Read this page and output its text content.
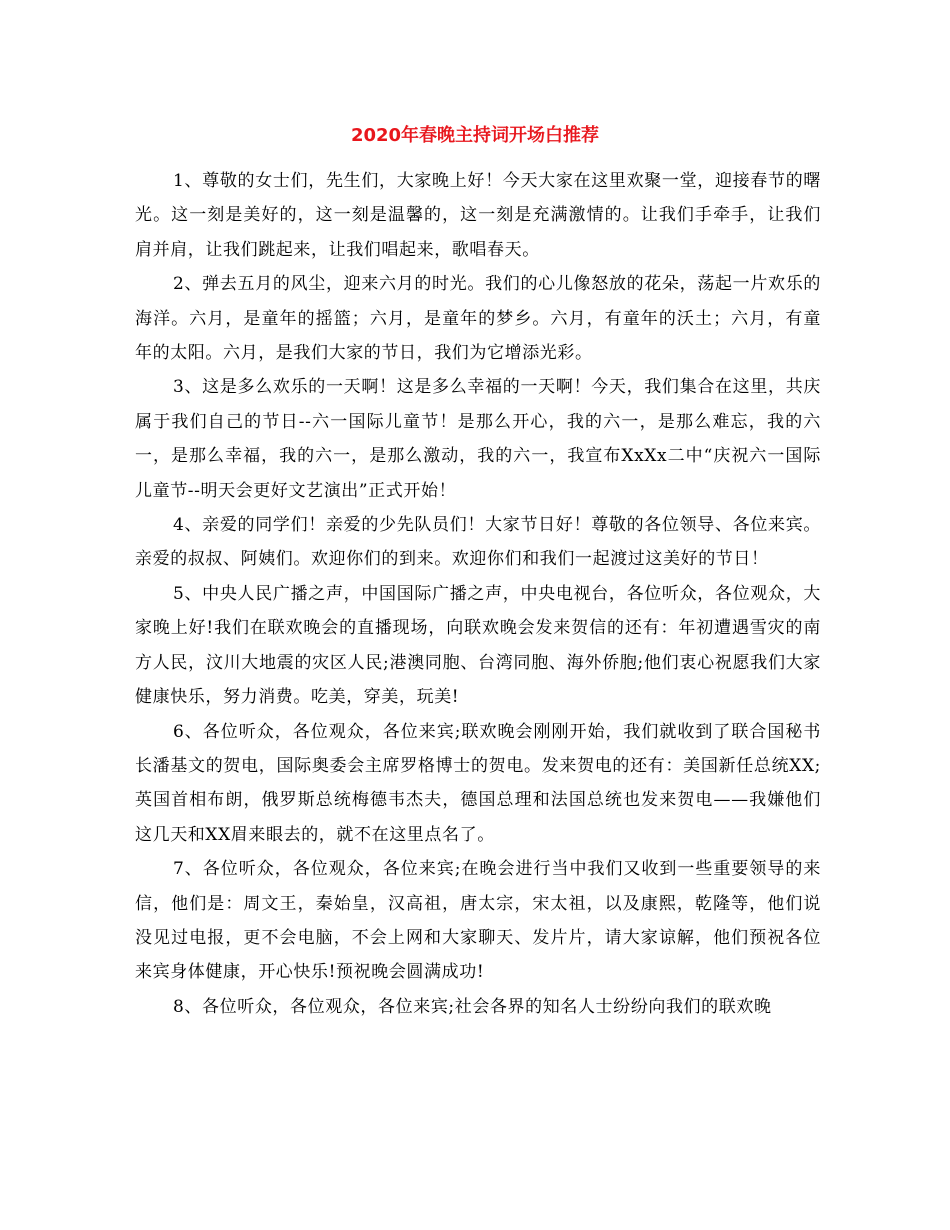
2020年春晚主持词开场白推荐

1、尊敬的女士们，先生们，大家晚上好！今天大家在这里欢聚一堂，迎接春节的曙光。这一刻是美好的，这一刻是温馨的，这一刻是充满激情的。让我们手牵手，让我们肩并肩，让我们跳起来，让我们唱起来，歌唱春天。

2、弹去五月的风尘，迎来六月的时光。我们的心儿像怒放的花朵，荡起一片欢乐的海洋。六月，是童年的摇篮；六月，是童年的梦乡。六月，有童年的沃土；六月，有童年的太阳。六月，是我们大家的节日，我们为它增添光彩。

3、这是多么欢乐的一天啊！这是多么幸福的一天啊！今天，我们集合在这里，共庆属于我们自己的节日--六一国际儿童节！是那么开心，我的六一，是那么难忘，我的六一，是那么幸福，我的六一，是那么激动，我的六一，我宣布XxXx二中“庆祝六一国际儿童节--明天会更好文艺演出”正式开始！

4、亲爱的同学们！亲爱的少先队员们！大家节日好！尊敬的各位领导、各位来宾。亲爱的叔叔、阿姨们。欢迎你们的到来。欢迎你们和我们一起渡过这美好的节日！

5、中央人民广播之声，中国国际广播之声，中央电视台，各位听众，各位观众，大家晚上好!我们在联欢晚会的直播现场，向联欢晚会发来贺信的还有：年初遭遇雪灾的南方人民，汶川大地震的灾区人民;港澳同胞、台湾同胞、海外侨胞;他们衷心祝愿我们大家健康快乐，努力消费。吃美，穿美，玩美!

6、各位听众，各位观众，各位来宾;联欢晚会刚刚开始，我们就收到了联合国秘书长潘基文的贺电，国际奥委会主席罗格博士的贺电。发来贺电的还有：美国新任总统XX;英国首相布朗，俄罗斯总统梅德韦杰夫，德国总理和法国总统也发来贺电——我嫌他们这几天和XX眉来眼去的，就不在这里点名了。

7、各位听众，各位观众，各位来宾;在晚会进行当中我们又收到一些重要领导的来信，他们是：周文王，秦始皇，汉高祖，唐太宗，宋太祖，以及康熙，乾隆等，他们说没见过电报，更不会电脑，不会上网和大家聊天、发片片，请大家谅解，他们预祝各位来宾身体健康，开心快乐!预祝晚会圆满成功!

8、各位听众，各位观众，各位来宾;社会各界的知名人士纷纷向我们的联欢晚
